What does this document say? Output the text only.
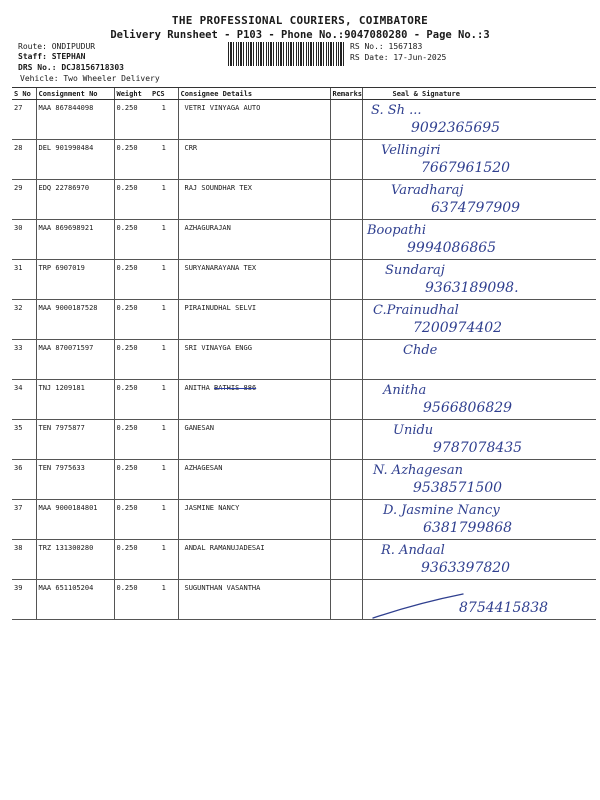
THE PROFESSIONAL COURIERS, COIMBATORE
Delivery Runsheet - P103 - Phone No.:9047080280 - Page No.:3
Route: ONDIPUDUR
Staff: STEPHAN
DRS No.: DCJ8156718303
Vehicle: Two Wheeler Delivery
RS No.: 1567183
RS Date: 17-Jun-2025
S No	Consignment No	Weight	PCS	Consignee Details	Remarks	Seal & Signature
27	MAA 867844098	0.250	1	VETRI VINYAGA AUTO		S. Sh ...
9092365695

28	DEL 901990484	0.250	1	CRR		Vellingiri
7667961520

29	EDQ 22786970	0.250	1	RAJ SOUNDHAR TEX		Varadharaj
6374797909

30	MAA 869698921	0.250	1	AZHAGURAJAN		Boopathi
9994086865

31	TRP 6907019	0.250	1	SURYANARAYANA TEX		Sundaraj
9363189098.

32	MAA 9000187528	0.250	1	PIRAINUDHAL SELVI		C.Prainudhal
7200974402

33	MAA 870071597	0.250	1	SRI VINAYGA ENGG		Chde

34	TNJ 1209181	0.250	1	ANITHA BATHIS 886		Anitha
9566806829

35	TEN 7975877	0.250	1	GANESAN		Unidu
9787078435

36	TEN 7975633	0.250	1	AZHAGESAN		N. Azhagesan
9538571500

37	MAA 9000184801	0.250	1	JASMINE NANCY		D. Jasmine Nancy
6381799868

38	TRZ 131300280	0.250	1	ANDAL RAMANUJADESAI		R. Andaal
9363397820

39	MAA 651105204	0.250	1	SUGUNTHAN VASANTHA		8754415838
